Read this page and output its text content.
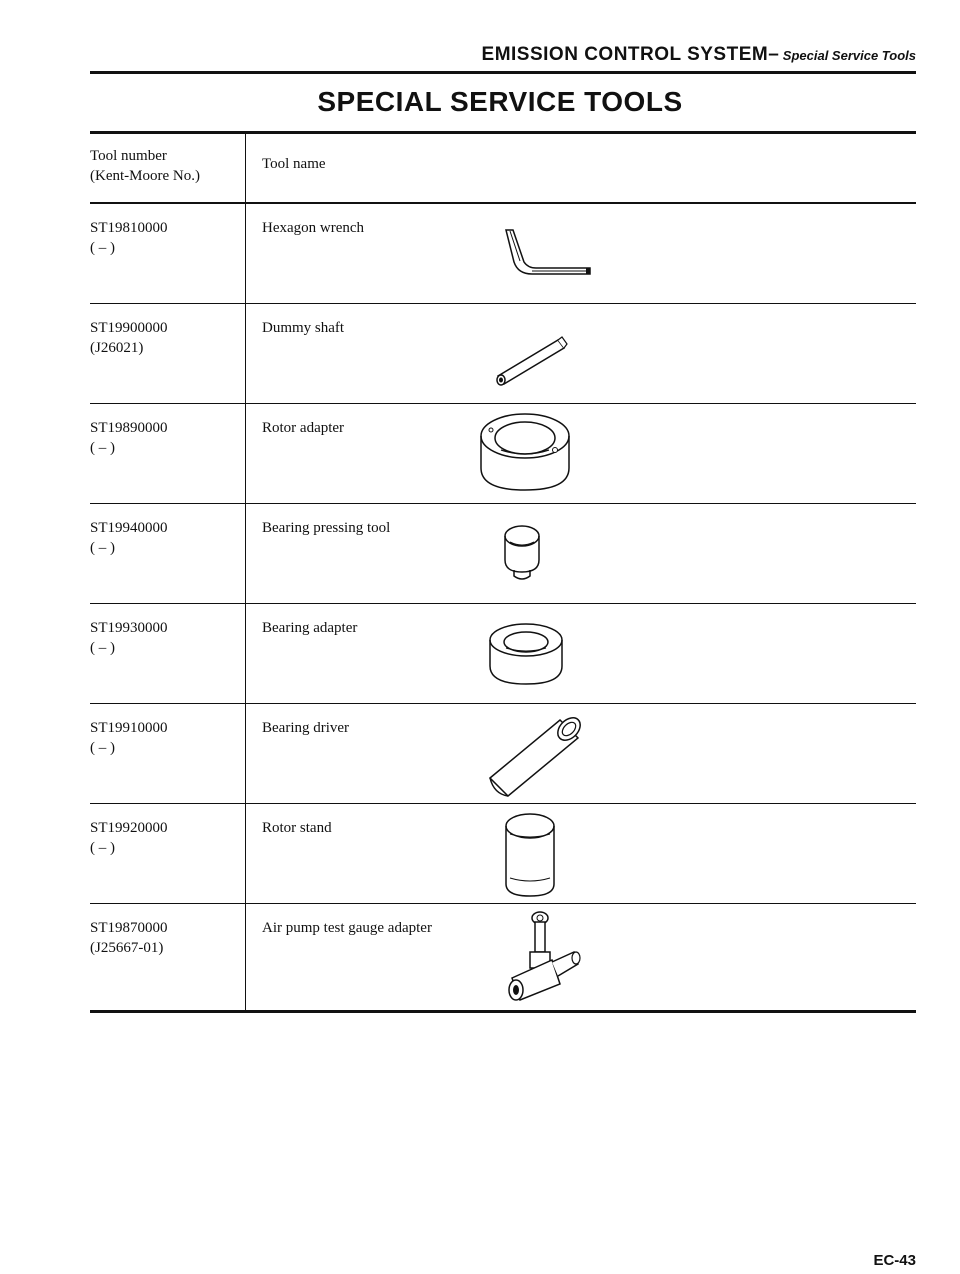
EMISSION CONTROL SYSTEM– Special Service Tools
SPECIAL SERVICE TOOLS
Tool number
(Kent-Moore No.)
Tool name
ST19810000
( – )
Hexagon wrench
ST19900000
(J26021)
Dummy shaft
ST19890000
( – )
Rotor adapter
ST19940000
( – )
Bearing pressing tool
ST19930000
( – )
Bearing adapter
ST19910000
( – )
Bearing driver
ST19920000
( – )
Rotor stand
ST19870000
(J25667-01)
Air pump test gauge adapter
EC-43
